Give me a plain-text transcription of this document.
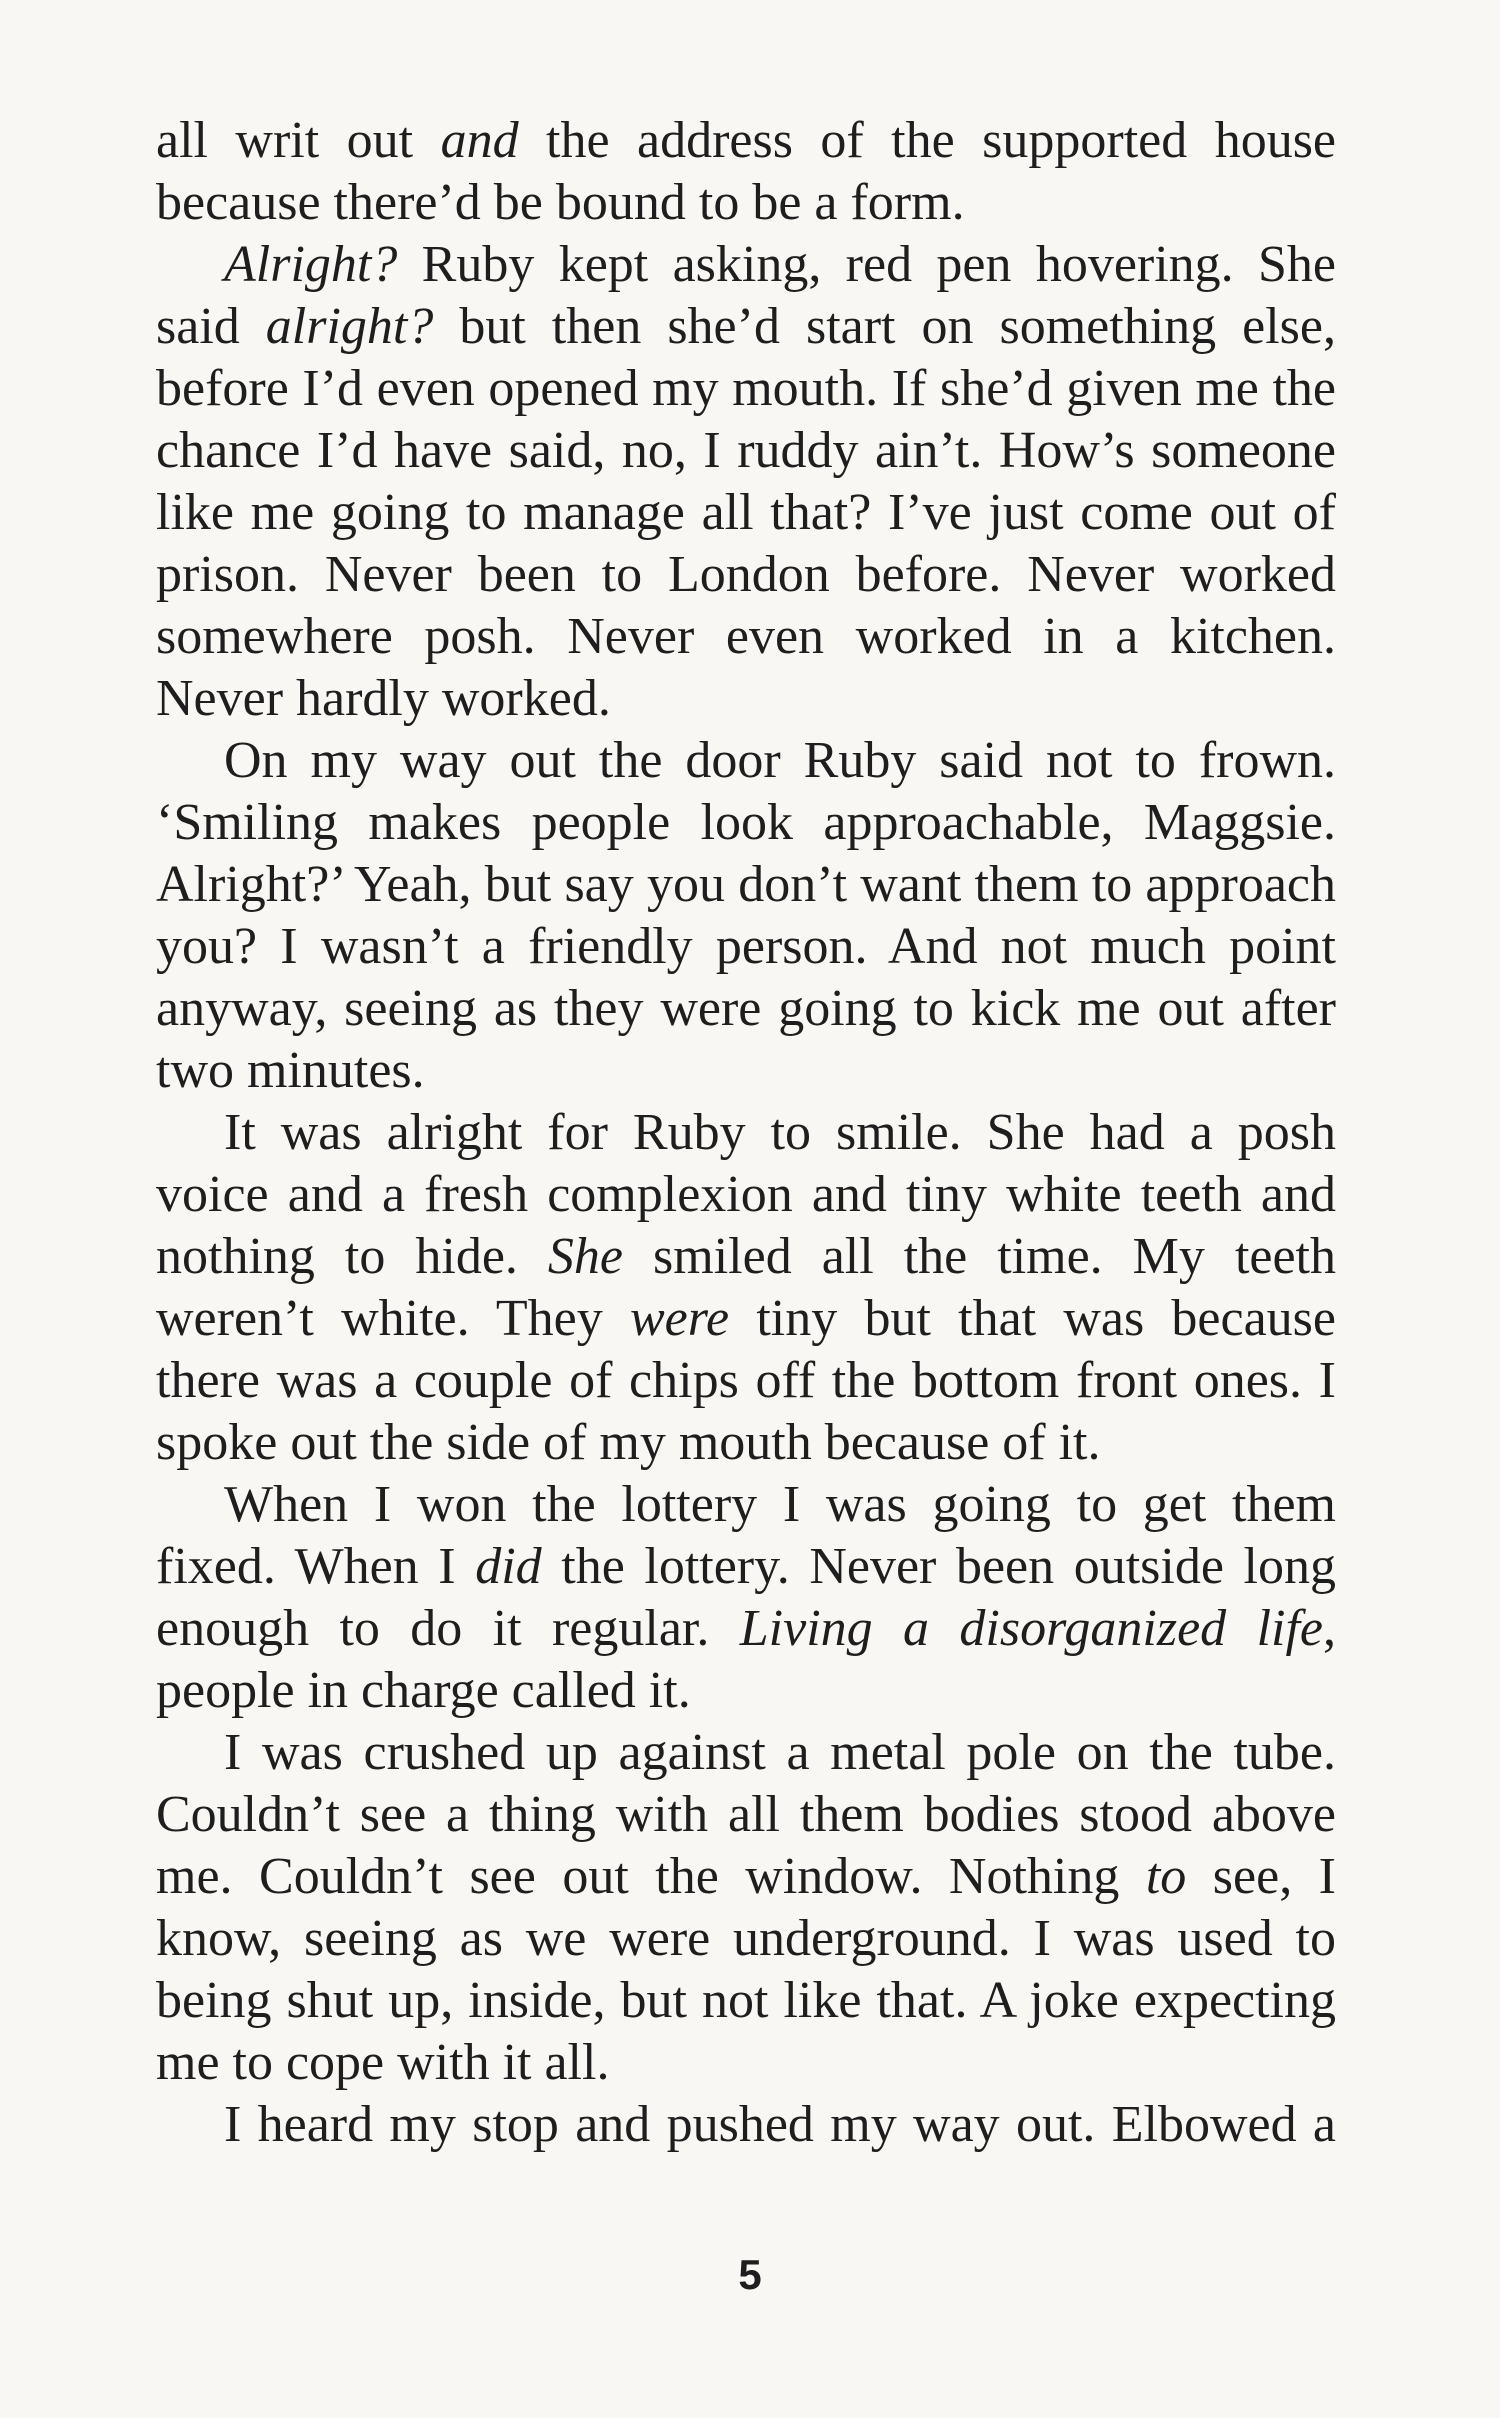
all writ out and the address of the supported house because there’d be bound to be a form.

Alright? Ruby kept asking, red pen hovering. She said alright? but then she’d start on something else, before I’d even opened my mouth. If she’d given me the chance I’d have said, no, I ruddy ain’t. How’s someone like me going to manage all that? I’ve just come out of prison. Never been to London before. Never worked somewhere posh. Never even worked in a kitchen. Never hardly worked.

On my way out the door Ruby said not to frown. ‘Smiling makes people look approachable, Maggsie. Alright?’ Yeah, but say you don’t want them to approach you? I wasn’t a friendly person. And not much point anyway, seeing as they were going to kick me out after two minutes.

It was alright for Ruby to smile. She had a posh voice and a fresh complexion and tiny white teeth and nothing to hide. She smiled all the time. My teeth weren’t white. They were tiny but that was because there was a couple of chips off the bottom front ones. I spoke out the side of my mouth because of it.

When I won the lottery I was going to get them fixed. When I did the lottery. Never been outside long enough to do it regular. Living a disorganized life, people in charge called it.

I was crushed up against a metal pole on the tube. Couldn’t see a thing with all them bodies stood above me. Couldn’t see out the window. Nothing to see, I know, seeing as we were underground. I was used to being shut up, inside, but not like that. A joke expecting me to cope with it all.

I heard my stop and pushed my way out. Elbowed a

5
